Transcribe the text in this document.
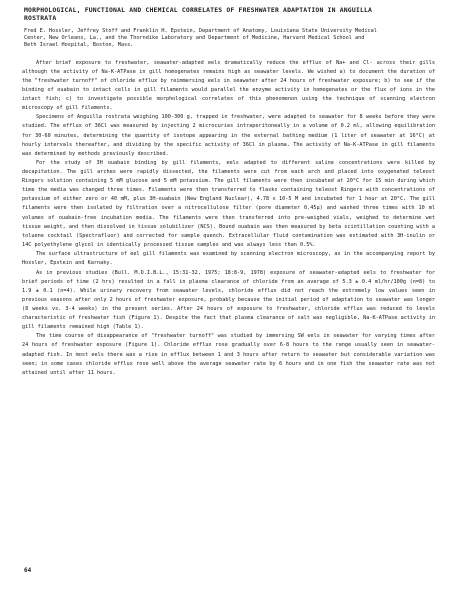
MORPHOLOGICAL, FUNCTIONAL AND CHEMICAL CORRELATES OF FRESHWATER ADAPTATION IN ANGUILLA
ROSTRATA
Fred E. Hossler, Jeffrey Stoff and Franklin H. Epstein, Department of Anatomy, Louisiana State University Medical
Center, New Orleans, La., and the Thorndike Laboratory and Department of Medicine, Harvard Medical School and
Beth Israel Hospital, Boston, Mass.

After brief exposure to freshwater, seawater-adapted eels dramatically reduce the efflux of Na+ and Cl- across their gills although the activity of Na-K-ATPase in gill homogenates remains high as seawater levels. We wished a) to document the duration of the "freshwater turnoff" of chloride efflux by reimmersing eels in seawater after 24 hours of freshwater exposure; b) to see if the binding of ouabain to intact cells in gill filaments would parallel the enzyme activity in homogenates or the flux of ions in the intact fish; c) to investigate possible morphological correlates of this phenomenon using the technique of scanning electron microscopy of gill filaments.

Specimens of Anguilla rostrata weighing 100-300 g, trapped in freshwater, were adapted to seawater for 8 weeks before they were studied. The efflux of 36Cl was measured by injecting 2 microcuries intraperitoneally in a volume of 0.2 ml, allowing equilibration for 30-60 minutes, determining the quantity of isotope appearing in the external bathing medium (1 liter of seawater at 16°C) at hourly intervals thereafter, and dividing by the specific activity of 36Cl in plasma. The activity of Na-K-ATPase in gill filaments was determined by methods previously described.

For the study of 3H ouabain binding by gill filaments, eels adapted to different saline concentrations were killed by decapitation. The gill arches were rapidly dissected, the filaments were cut from each arch and placed into oxygenated teleost Ringers solution containing 5 mM glucose and 5 mM potassium. The gill filaments were then incubated at 20°C for 15 min during which time the media was changed three times. Filaments were then transferred to flasks containing teleost Ringers with concentrations of potassium of either zero or 40 mM, plus 3H-ouabain (New England Nuclear), 4.78 x 10-5 M and incubated for 1 hour at 20°C. The gill filaments were then isolated by filtration over a nitrocellulose filter (pore diameter 0.45μ) and washed three times with 10 ml volumes of ouabain-free incubation media. The filaments were then transferred into pre-weighed vials, weighed to determine wet tissue weight, and then dissolved in tissue solubilizer (NCS). Bound ouabain was then measured by beta scintillation counting with a toluene cocktail (Spectrafluor) and corrected for sample quench. Extracellular fluid contamination was estimated with 3H-inulin or 14C polyethylene glycol in identically processed tissue samples and was always less than 0.5%.

The surface ultrastructure of eel gill filaments was examined by scanning electron microscopy, as in the accompanying report by Hossler, Epstein and Karnaky.

As in previous studies (Bull. M.D.I.B.L., 15:31-32, 1975; 18:8-9, 1978) exposure of seawater-adapted eels to freshwater for brief periods of time (2 hrs) resulted in a fall in plasma clearance of chloride from an average of 5.3 ± 0.4 ml/hr/100g (n=8) to 1.9 ± 0.1 (n=4). While urinary recovery from seawater levels, chloride efflux did not reach the extremely low values seen in previous seasons after only 2 hours of freshwater exposure, probably because the initial period of adaptation to seawater was longer (8 weeks vs. 3-4 weeks) in the present series. After 24 hours of exposure to freshwater, chloride efflux was reduced to levels characteristic of freshwater fish (Figure 1). Despite the fact that plasma clearance of salt was negligible, Na-K-ATPase activity in gill filaments remained high (Table 1).

The time course of disappearance of "freshwater turnoff" was studied by immersing SW eels in seawater for varying times after 24 hours of freshwater exposure (Figure 1). Chloride efflux rose gradually over 6-8 hours to the range usually seen in seawater-adapted fish. In most eels there was a rise in efflux between 1 and 3 hours after return to seawater but considerable variation was seen; in some cases chloride efflux rose well above the average seawater rate by 6 hours and in one fish the seawater rate was not attained until after 11 hours.

64
